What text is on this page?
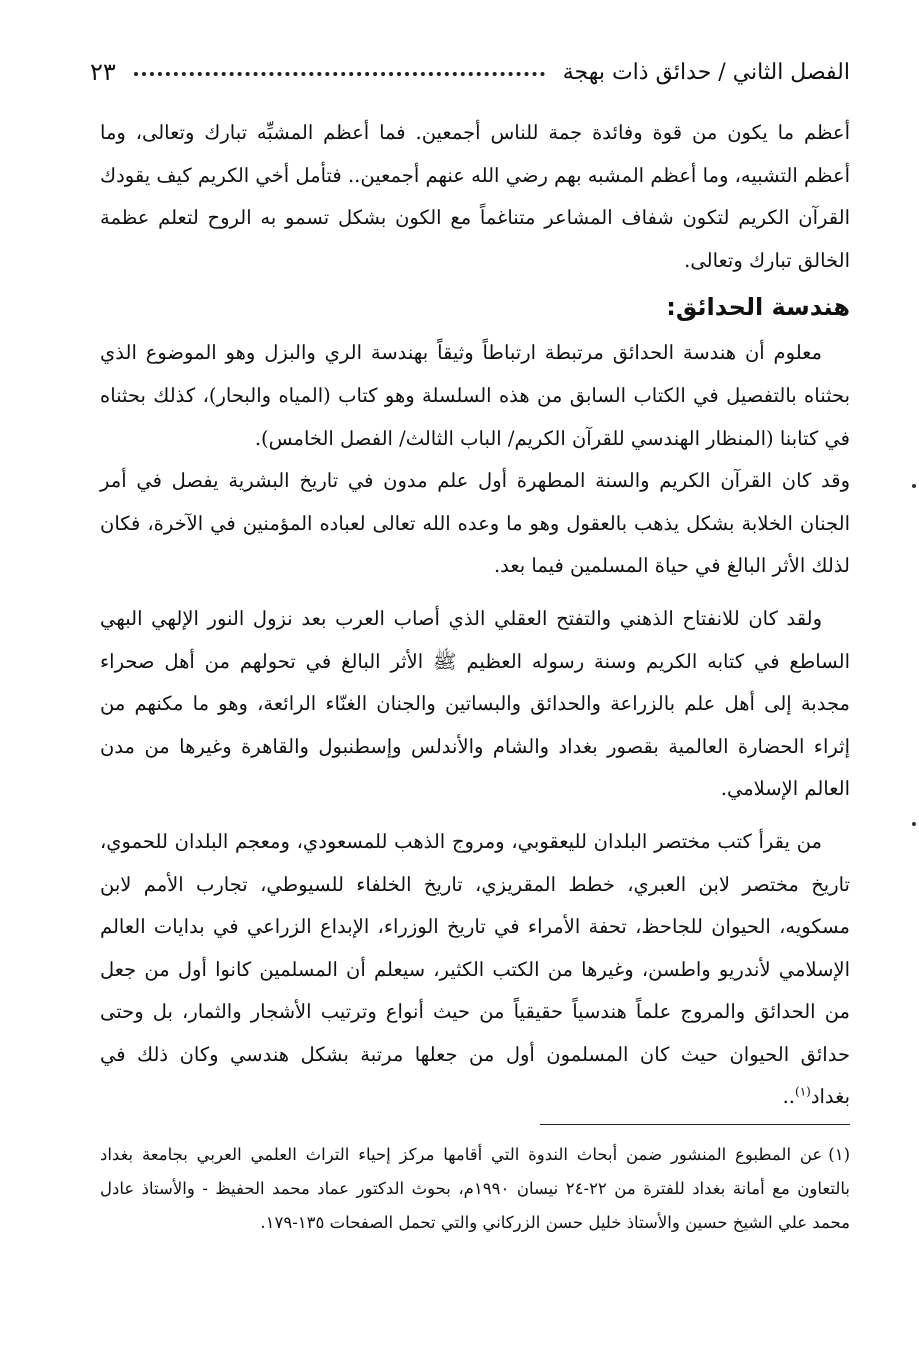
الفصل الثاني / حدائق ذات بهجة
٢٣

أعظم ما يكون من قوة وفائدة جمة للناس أجمعين. فما أعظم المشبِّه تبارك وتعالى، وما أعظم التشبيه، وما أعظم المشبه بهم رضي الله عنهم أجمعين.. فتأمل أخي الكريم كيف يقودك القرآن الكريم لتكون شفاف المشاعر متناغماً مع الكون بشكل تسمو به الروح لتعلم عظمة الخالق تبارك وتعالى.

هندسة الحدائق:

معلوم أن هندسة الحدائق مرتبطة ارتباطاً وثيقاً بهندسة الري والبزل وهو الموضوع الذي بحثناه بالتفصيل في الكتاب السابق من هذه السلسلة وهو كتاب (المياه والبحار)، كذلك بحثناه في كتابنا (المنظار الهندسي للقرآن الكريم/ الباب الثالث/ الفصل الخامس).

وقد كان القرآن الكريم والسنة المطهرة أول علم مدون في تاريخ البشرية يفصل في أمر الجنان الخلابة بشكل يذهب بالعقول وهو ما وعده الله تعالى لعباده المؤمنين في الآخرة، فكان لذلك الأثر البالغ في حياة المسلمين فيما بعد.

ولقد كان للانفتاح الذهني والتفتح العقلي الذي أصاب العرب بعد نزول النور الإلهي البهي الساطع في كتابه الكريم وسنة رسوله العظيم ﷺ الأثر البالغ في تحولهم من أهل صحراء مجدبة إلى أهل علم بالزراعة والحدائق والبساتين والجنان الغنّاء الرائعة، وهو ما مكنهم من إثراء الحضارة العالمية بقصور بغداد والشام والأندلس وإسطنبول والقاهرة وغيرها من مدن العالم الإسلامي.

من يقرأ كتب مختصر البلدان لليعقوبي، ومروج الذهب للمسعودي، ومعجم البلدان للحموي، تاريخ مختصر لابن العبري، خطط المقريزي، تاريخ الخلفاء للسيوطي، تجارب الأمم لابن مسكويه، الحيوان للجاحظ، تحفة الأمراء في تاريخ الوزراء، الإبداع الزراعي في بدايات العالم الإسلامي لأندريو واطسن، وغيرها من الكتب الكثير، سيعلم أن المسلمين كانوا أول من جعل من الحدائق والمروج علماً هندسياً حقيقياً من حيث أنواع وترتيب الأشجار والثمار، بل وحتى حدائق الحيوان حيث كان المسلمون أول من جعلها مرتبة بشكل هندسي وكان ذلك في بغداد$^{(١)}$..

(١)عن المطبوع المنشور ضمن أبحاث الندوة التي أقامها مركز إحياء التراث العلمي العربي بجامعة بغداد بالتعاون مع أمانة بغداد للفترة من ٢٢-٢٤ نيسان ١٩٩٠م، بحوث الدكتور عماد محمد الحفيظ - والأستاذ عادل محمد علي الشيخ حسين والأستاذ خليل حسن الزركاني والتي تحمل الصفحات ١٣٥-١٧٩.
